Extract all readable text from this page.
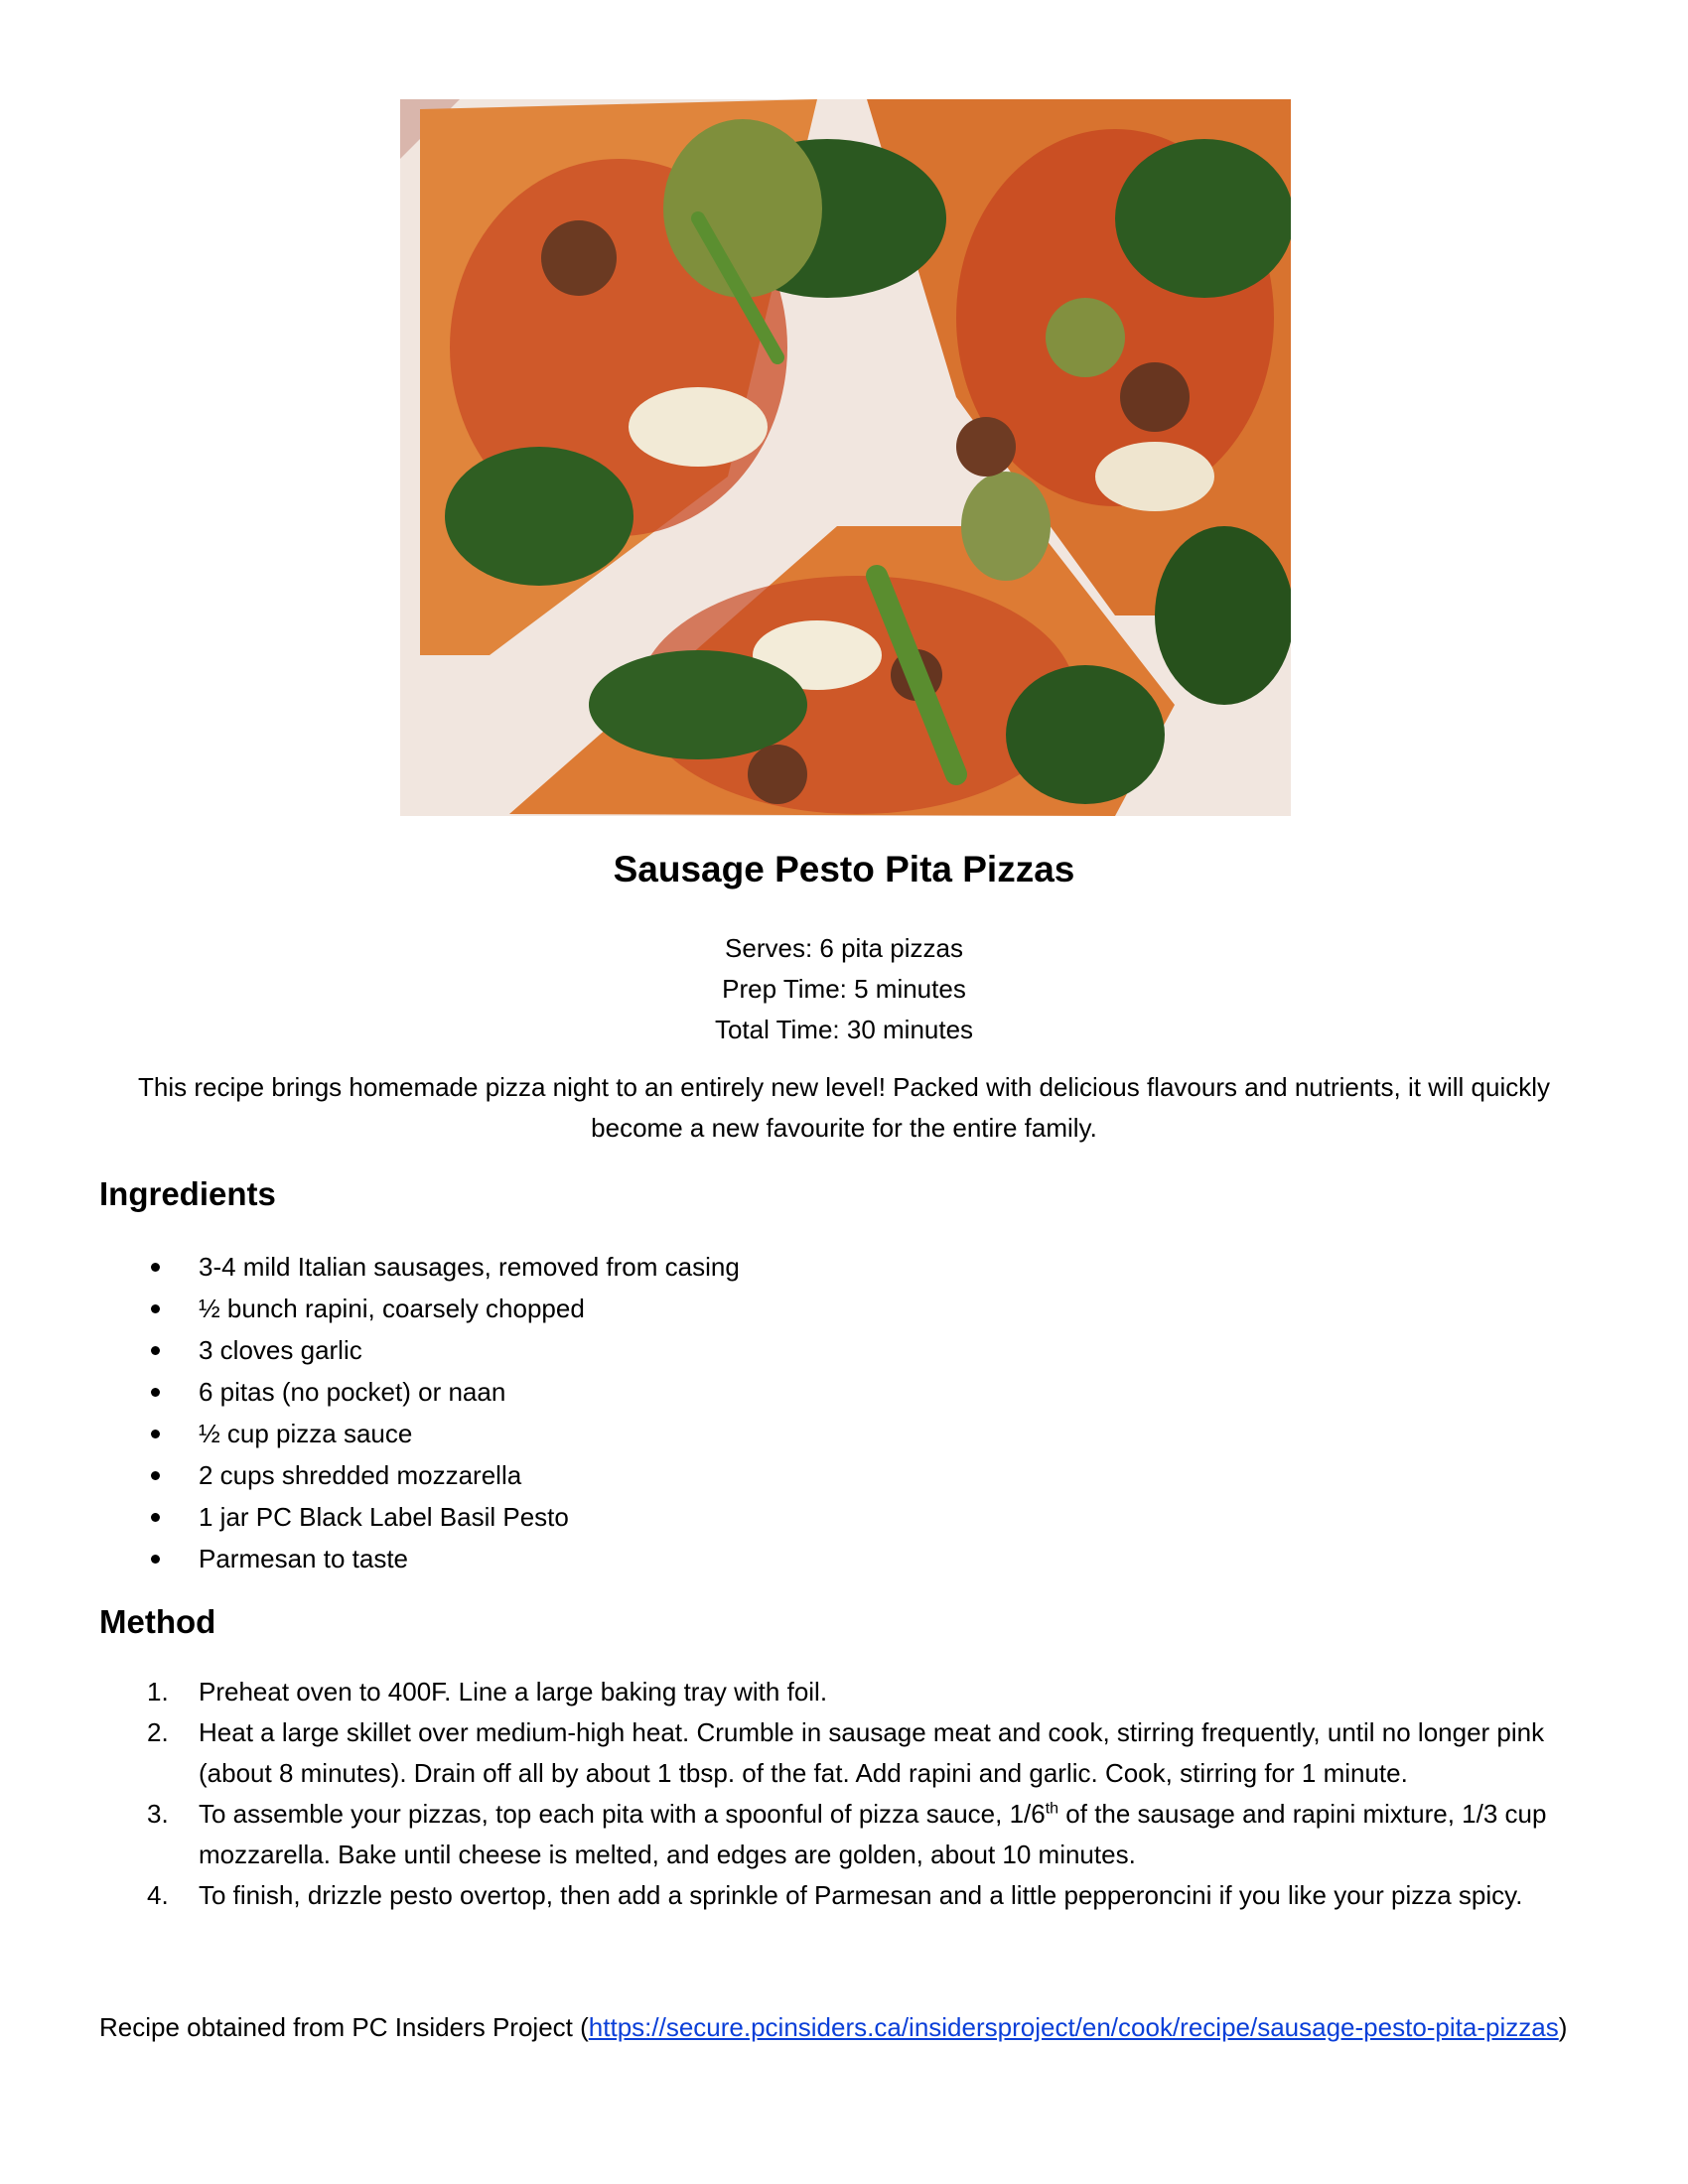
Sausage Pesto Pita Pizzas
Serves: 6 pita pizzas
Prep Time: 5 minutes
Total Time: 30 minutes
This recipe brings homemade pizza night to an entirely new level! Packed with delicious flavours and nutrients, it will quickly become a new favourite for the entire family.
Ingredients
3-4 mild Italian sausages, removed from casing
½ bunch rapini, coarsely chopped
3 cloves garlic
6 pitas (no pocket) or naan
½ cup pizza sauce
2 cups shredded mozzarella
1 jar PC Black Label Basil Pesto
Parmesan to taste
Method
1. Preheat oven to 400F. Line a large baking tray with foil.
2. Heat a large skillet over medium-high heat. Crumble in sausage meat and cook, stirring frequently, until no longer pink (about 8 minutes). Drain off all by about 1 tbsp. of the fat. Add rapini and garlic. Cook, stirring for 1 minute.
3. To assemble your pizzas, top each pita with a spoonful of pizza sauce, 1/6th of the sausage and rapini mixture, 1/3 cup mozzarella. Bake until cheese is melted, and edges are golden, about 10 minutes.
4. To finish, drizzle pesto overtop, then add a sprinkle of Parmesan and a little pepperoncini if you like your pizza spicy.
Recipe obtained from PC Insiders Project (https://secure.pcinsiders.ca/insidersproject/en/cook/recipe/sausage-pesto-pita-pizzas)
